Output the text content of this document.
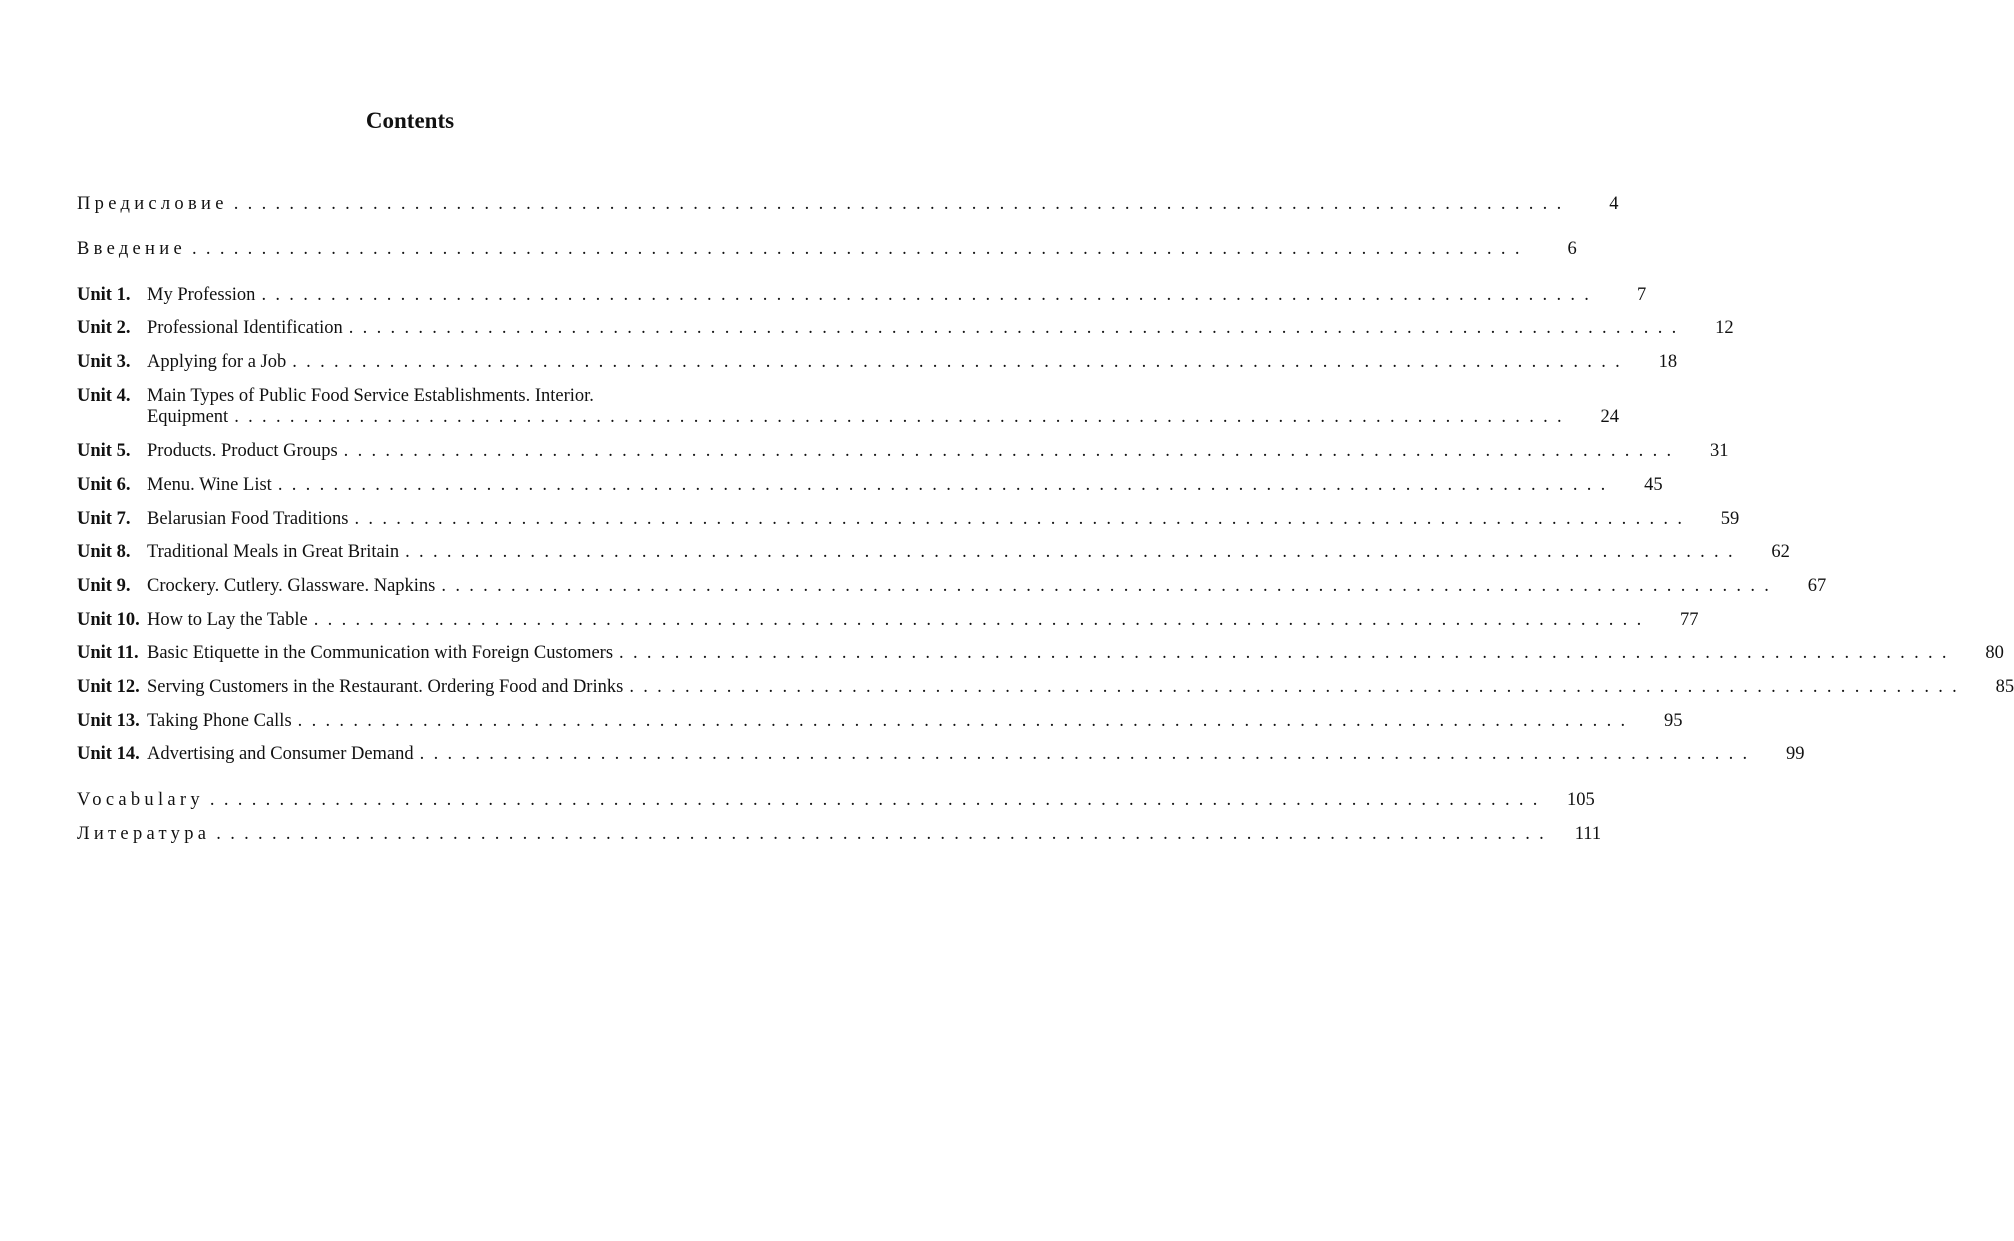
Contents
Предисловие ................................................................................................	4
Введение ................................................................................................	6
Unit 1. My Profession ................................................................................................	7
Unit 2. Professional Identification ................................................................................................	12
Unit 3. Applying for a Job ................................................................................................	18
Unit 4. Main Types of Public Food Service Establishments. Interior.
Equipment ................................................................................................	24
Unit 5. Products. Product Groups ................................................................................................	31
Unit 6. Menu. Wine List ................................................................................................	45
Unit 7. Belarusian Food Traditions ................................................................................................	59
Unit 8. Traditional Meals in Great Britain ................................................................................................	62
Unit 9. Crockery. Cutlery. Glassware. Napkins ................................................................................................	67
Unit 10. How to Lay the Table ................................................................................................	77
Unit 11. Basic Etiquette in the Communication with Foreign Customers ................................................................................................	80
Unit 12. Serving Customers in the Restaurant. Ordering Food and Drinks ................................................................................................	85
Unit 13. Taking Phone Calls ................................................................................................	95
Unit 14. Advertising and Consumer Demand ................................................................................................	99
Vocabulary ................................................................................................	105
Литература ................................................................................................	111
